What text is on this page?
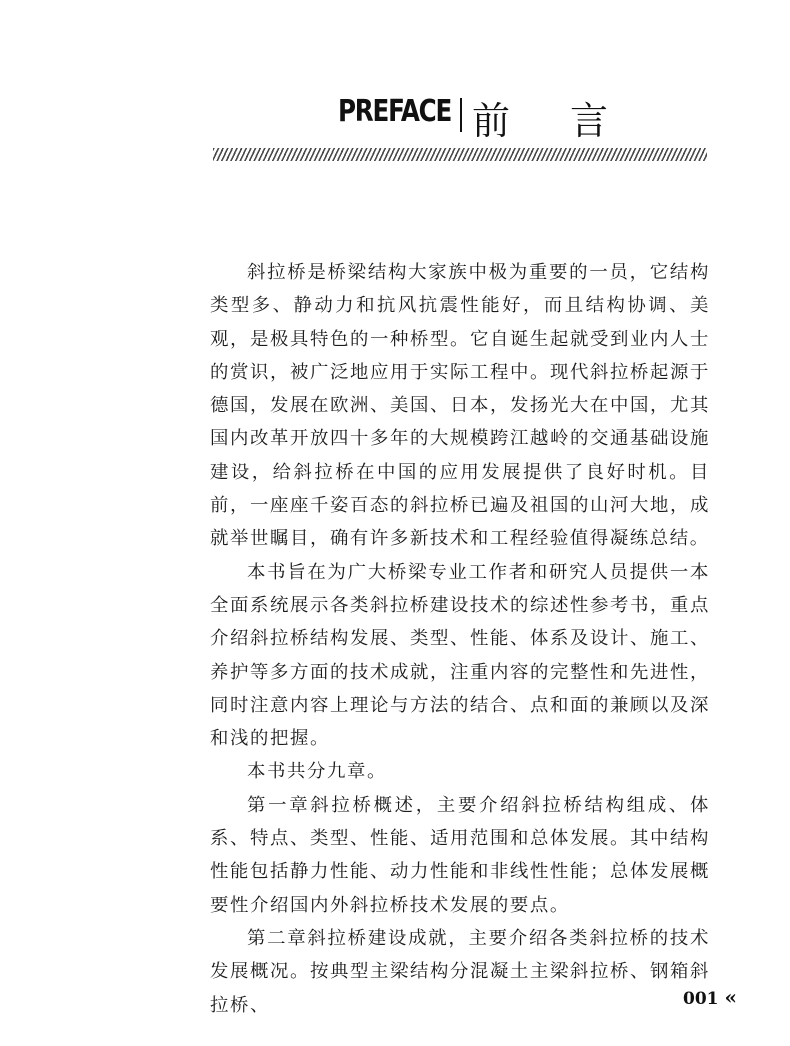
PREFACE 前言

斜拉桥是桥梁结构大家族中极为重要的一员，它结构类型多、静动力和抗风抗震性能好，而且结构协调、美观，是极具特色的一种桥型。它自诞生起就受到业内人士的赏识，被广泛地应用于实际工程中。现代斜拉桥起源于德国，发展在欧洲、美国、日本，发扬光大在中国，尤其国内改革开放四十多年的大规模跨江越岭的交通基础设施建设，给斜拉桥在中国的应用发展提供了良好时机。目前，一座座千姿百态的斜拉桥已遍及祖国的山河大地，成就举世瞩目，确有许多新技术和工程经验值得凝练总结。

本书旨在为广大桥梁专业工作者和研究人员提供一本全面系统展示各类斜拉桥建设技术的综述性参考书，重点介绍斜拉桥结构发展、类型、性能、体系及设计、施工、养护等多方面的技术成就，注重内容的完整性和先进性，同时注意内容上理论与方法的结合、点和面的兼顾以及深和浅的把握。

本书共分九章。

第一章斜拉桥概述，主要介绍斜拉桥结构组成、体系、特点、类型、性能、适用范围和总体发展。其中结构性能包括静力性能、动力性能和非线性性能；总体发展概要性介绍国内外斜拉桥技术发展的要点。

第二章斜拉桥建设成就，主要介绍各类斜拉桥的技术发展概况。按典型主梁结构分混凝土主梁斜拉桥、钢箱斜拉桥、	001 «
